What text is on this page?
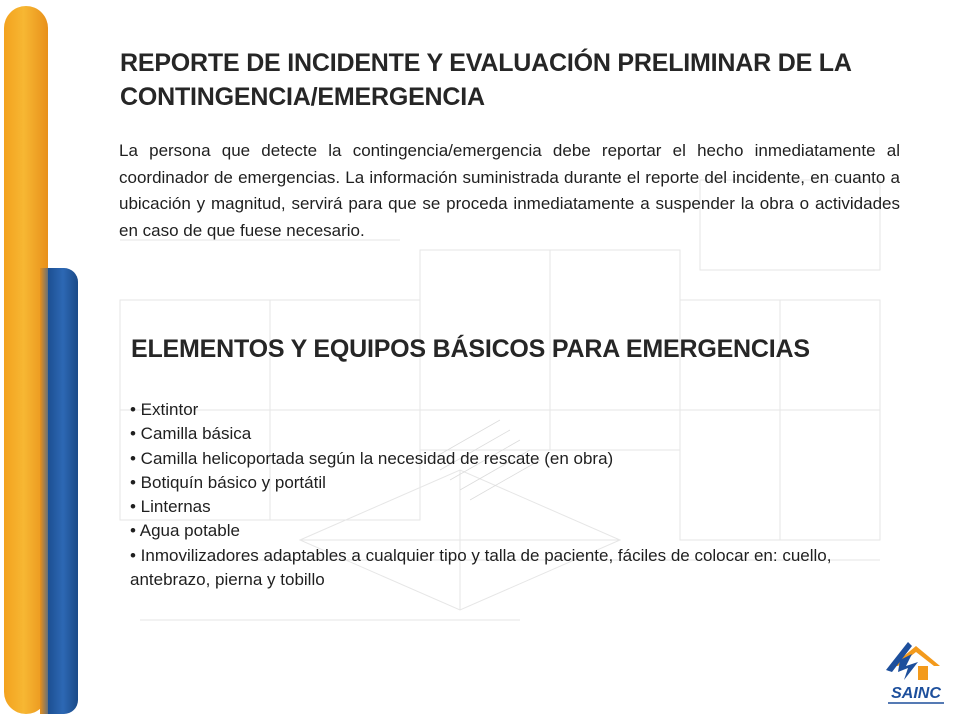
REPORTE DE INCIDENTE Y EVALUACIÓN PRELIMINAR DE LA CONTINGENCIA/EMERGENCIA
La persona que detecte la contingencia/emergencia debe reportar el hecho inmediatamente al coordinador de emergencias. La información suministrada durante el reporte del incidente, en cuanto a ubicación y magnitud, servirá para que se proceda inmediatamente a suspender la obra o actividades en caso de que fuese necesario.
ELEMENTOS Y EQUIPOS BÁSICOS PARA EMERGENCIAS
• Extintor
• Camilla básica
• Camilla helicoportada según la necesidad de rescate (en obra)
• Botiquín básico y portátil
• Linternas
• Agua potable
• Inmovilizadores adaptables a cualquier tipo y talla de paciente, fáciles de colocar en: cuello, antebrazo, pierna y tobillo
SAINC
